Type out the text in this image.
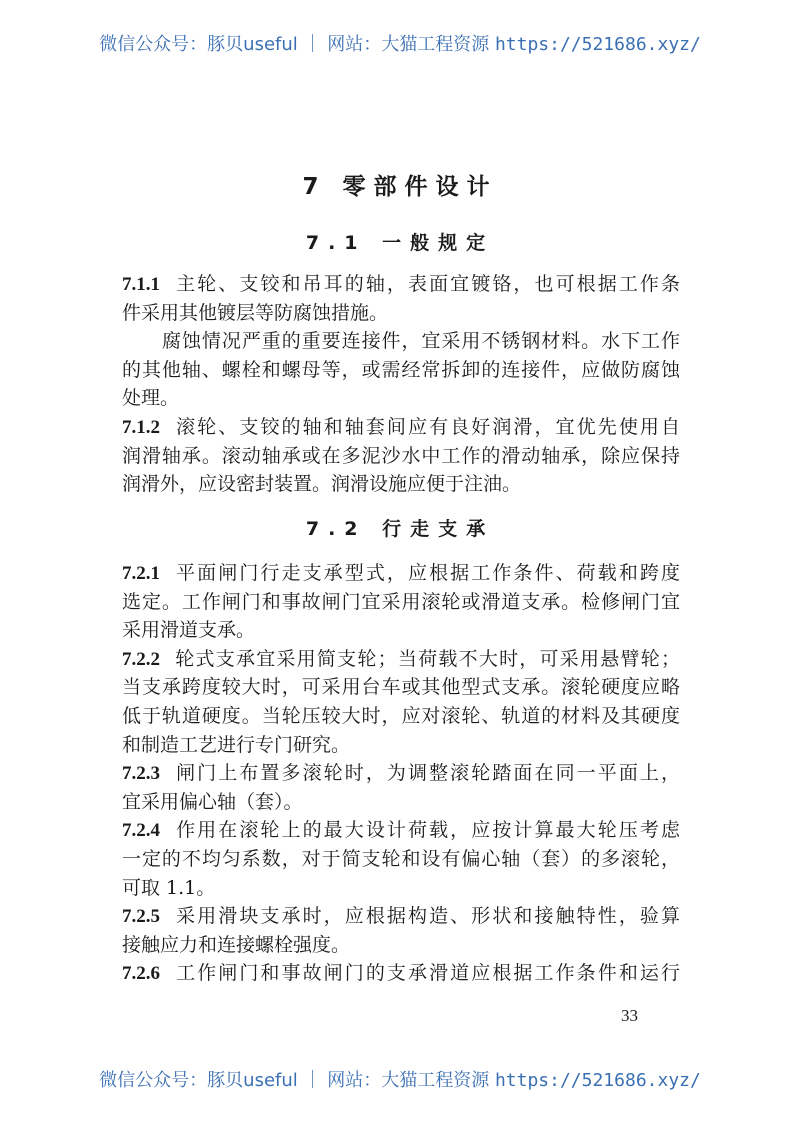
微信公众号：豚贝useful ｜ 网站：大猫工程资源 https://521686.xyz/
7 零部件设计
7.1 一般规定
7.1.1 主轮、支铰和吊耳的轴，表面宜镀铬，也可根据工作条
件采用其他镀层等防腐蚀措施。
腐蚀情况严重的重要连接件，宜采用不锈钢材料。水下工作
的其他轴、螺栓和螺母等，或需经常拆卸的连接件，应做防腐蚀
处理。
7.1.2 滚轮、支铰的轴和轴套间应有良好润滑，宜优先使用自
润滑轴承。滚动轴承或在多泥沙水中工作的滑动轴承，除应保持
润滑外，应设密封装置。润滑设施应便于注油。
7.2 行走支承
7.2.1 平面闸门行走支承型式，应根据工作条件、荷载和跨度
选定。工作闸门和事故闸门宜采用滚轮或滑道支承。检修闸门宜
采用滑道支承。
7.2.2 轮式支承宜采用简支轮；当荷载不大时，可采用悬臂轮；
当支承跨度较大时，可采用台车或其他型式支承。滚轮硬度应略
低于轨道硬度。当轮压较大时，应对滚轮、轨道的材料及其硬度
和制造工艺进行专门研究。
7.2.3 闸门上布置多滚轮时，为调整滚轮踏面在同一平面上，
宜采用偏心轴（套）。
7.2.4 作用在滚轮上的最大设计荷载，应按计算最大轮压考虑
一定的不均匀系数，对于简支轮和设有偏心轴（套）的多滚轮，
可取 1.1。
7.2.5 采用滑块支承时，应根据构造、形状和接触特性，验算
接触应力和连接螺栓强度。
7.2.6 工作闸门和事故闸门的支承滑道应根据工作条件和运行
33
微信公众号：豚贝useful ｜ 网站：大猫工程资源 https://521686.xyz/
